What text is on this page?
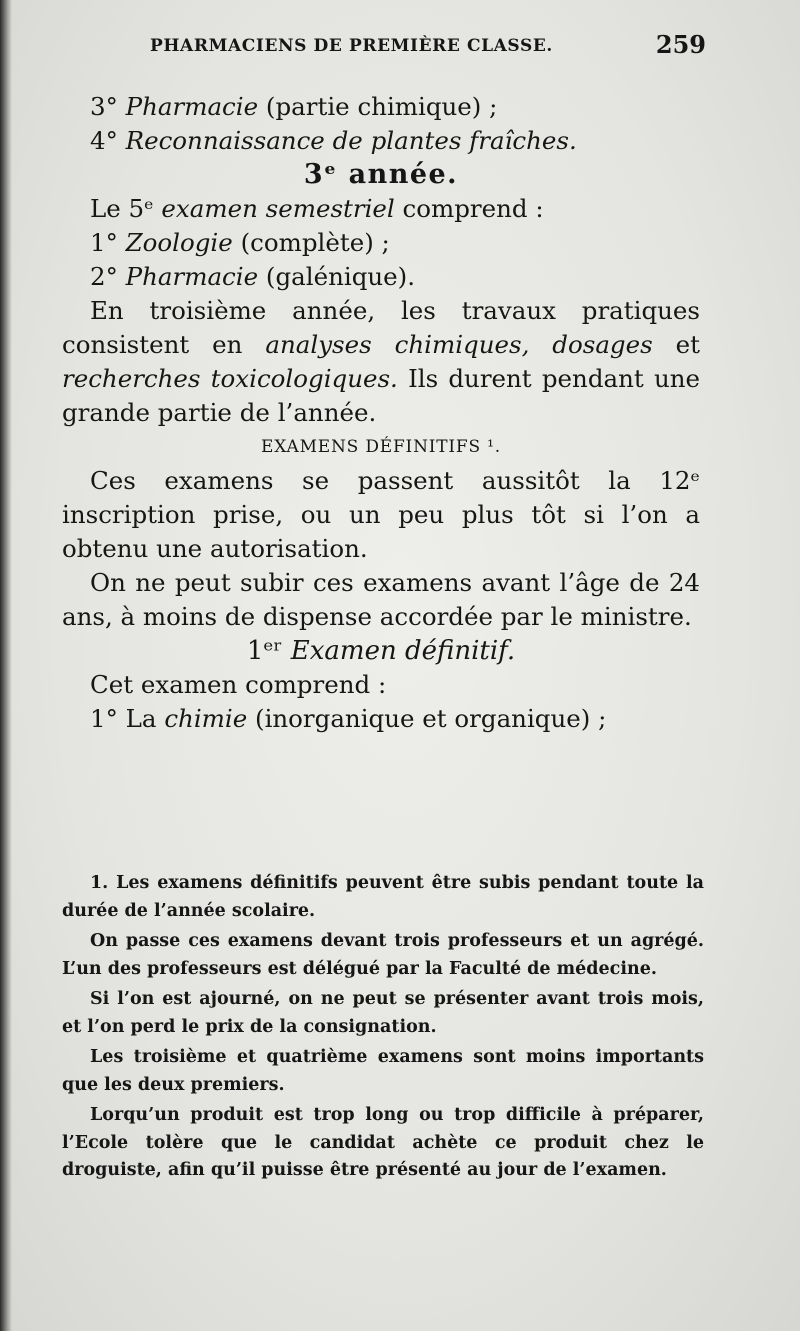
PHARMACIENS DE PREMIÈRE CLASSE.	259

3° Pharmacie (partie chimique) ;

4° Reconnaissance de plantes fraîches.

3ᵉ année.

Le 5ᵉ examen semestriel comprend :

1° Zoologie (complète) ;

2° Pharmacie (galénique).

En troisième année, les travaux pratiques consistent en analyses chimiques, dosages et recherches toxicologiques. Ils durent pendant une grande partie de l’année.

EXAMENS DÉFINITIFS ¹.

Ces examens se passent aussitôt la 12ᵉ inscription prise, ou un peu plus tôt si l’on a obtenu une autorisation.

On ne peut subir ces examens avant l’âge de 24 ans, à moins de dispense accordée par le ministre.

1ᵉʳ Examen définitif.

Cet examen comprend :

1° La chimie (inorganique et organique) ;

1. Les examens définitifs peuvent être subis pendant toute la durée de l’année scolaire.

On passe ces examens devant trois professeurs et un agrégé. L’un des professeurs est délégué par la Faculté de médecine.

Si l’on est ajourné, on ne peut se présenter avant trois mois, et l’on perd le prix de la consignation.

Les troisième et quatrième examens sont moins importants que les deux premiers.

Lorqu’un produit est trop long ou trop difficile à préparer, l’Ecole tolère que le candidat achète ce produit chez le droguiste, afin qu’il puisse être présenté au jour de l’examen.
